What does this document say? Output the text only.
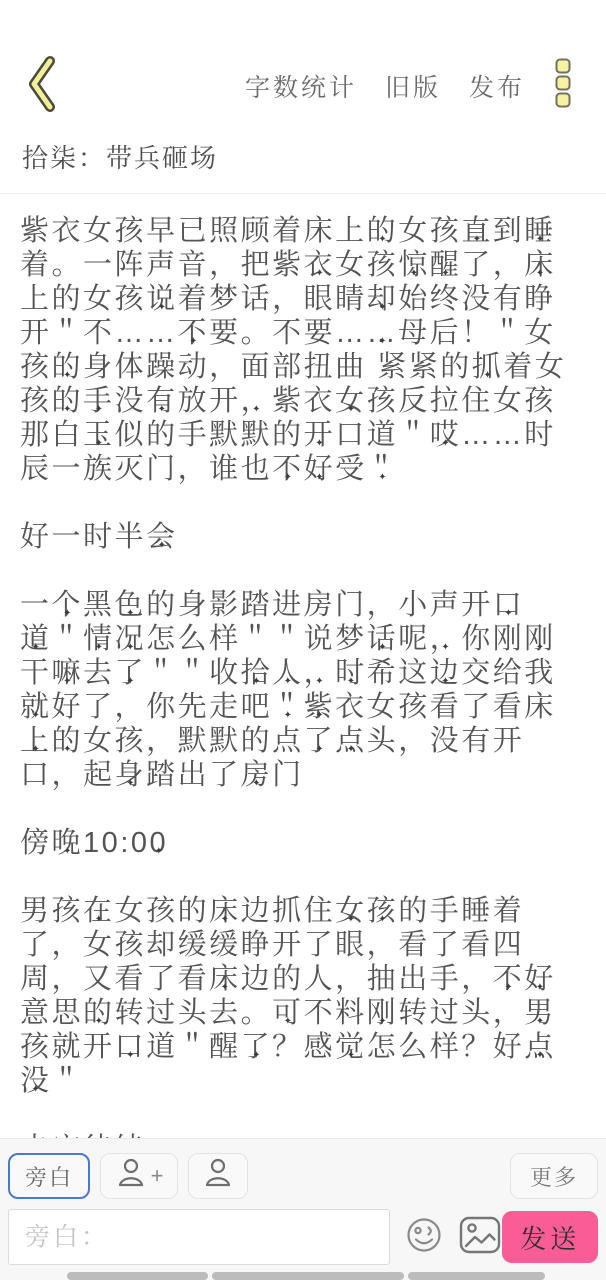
字数统计 旧版 发布
拾柒：带兵砸场

紫衣女孩早已照顾着床上的 ✦女孩直 ✦到睡 ✦着。一阵声音，把紫衣 ✦女孩惊 ✦醒 ✦了，床 ✦上的女孩说 ✦着梦话，眼睛却 ✦始终没有睁开＂不……不 ✦要。不要…… ✦母后！＂女孩的 ✦身体躁动，面部扭曲 紧紧的抓 ✦着女孩的 ✦手 ✦没有 ✦放开， ✦紫衣女 ✦孩反拉住女孩那白玉 ✦似的手默默的开 ✦口道＂哎 ✦……时辰一族灭门，谁也不 ✦好 ✦受＂ ✦

好一时半会 ✦

一个 ✦黑色 ✦的身影踏进房门，小声开口 ✦
道 ✦＂情 ✦况 ✦怎么样＂＂说梦话 ✦呢， ✦你刚刚 ✦干嘛 ✦去了 ✦＂＂收拾 ✦人 ✦， ✦时 ✦希这边 ✦交给我就 ✦好了，你先走吧＂ ✦紫 ✦衣女孩看了看床上 ✦的 ✦女孩，默默的点了 ✦点 ✦头，没有开口，起身 ✦踏出了房 ✦门

傍晚 ✦10:00 ✦

男孩在 ✦女孩的床 ✦边抓住女 ✦孩 ✦的手睡着了，女孩却缓缓睁开了眼，看了看四周，又看了看床 ✦边的人，抽出手，不 ✦好 ✦意思的 ✦转过头去。可 ✦不料刚 ✦转过头，男 ✦孩就开口 ✦道＂醒了 ✦？感觉 ✦怎么样？好点 ✦没 ✦＂

旁白	+	更多
旁白：
发送
